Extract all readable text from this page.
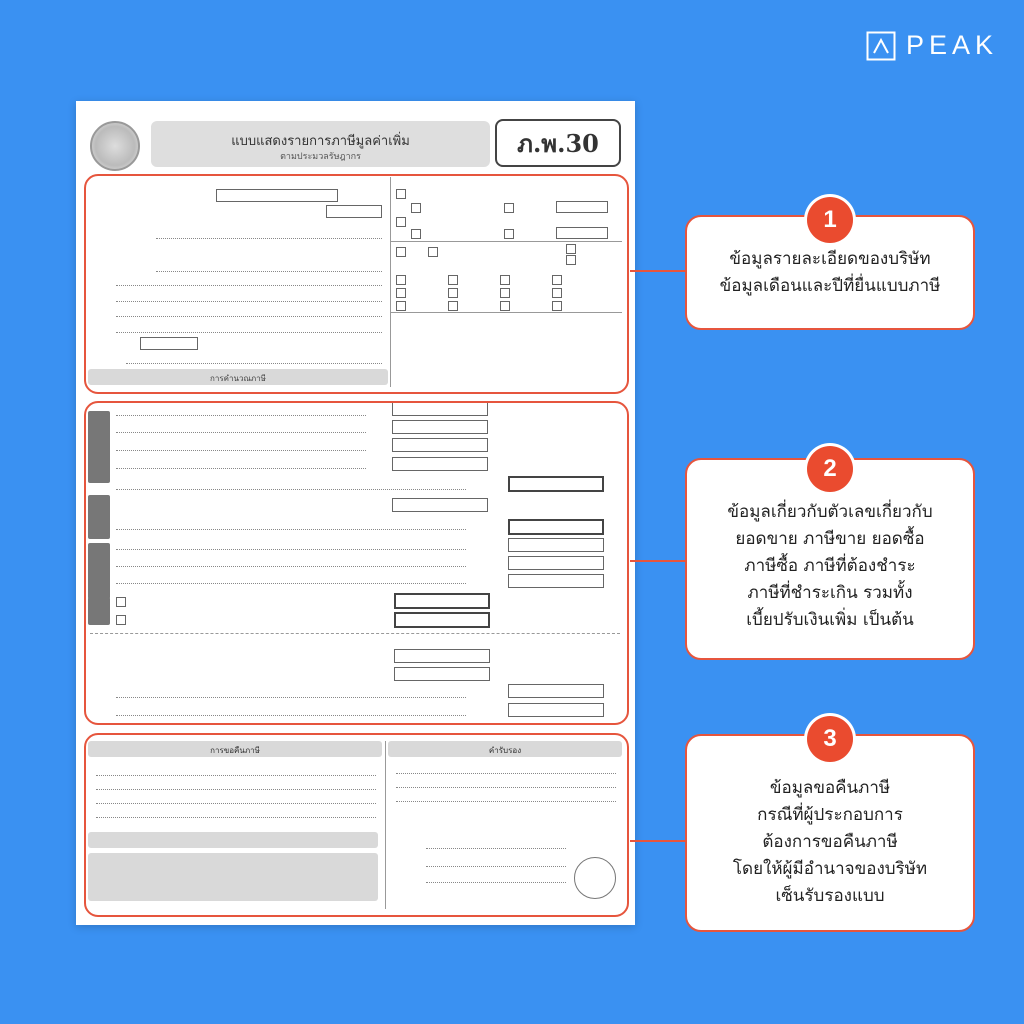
PEAK
แบบแสดงรายการภาษีมูลค่าเพิ่ม
ตามประมวลรัษฎากร	ภ.พ.30
การคำนวณภาษี
การขอคืนภาษี	คำรับรอง
ข้อมูลรายละเอียดของบริษัท
ข้อมูลเดือนและปีที่ยื่นแบบภาษี
1
ข้อมูลเกี่ยวกับตัวเลขเกี่ยวกับ
ยอดขาย ภาษีขาย ยอดซื้อ
ภาษีซื้อ ภาษีที่ต้องชำระ
ภาษีที่ชำระเกิน รวมทั้ง
เบี้ยปรับเงินเพิ่ม เป็นต้น
2
ข้อมูลขอคืนภาษี
กรณีที่ผู้ประกอบการ
ต้องการขอคืนภาษี
โดยให้ผู้มีอำนาจของบริษัท
เซ็นรับรองแบบ
3
